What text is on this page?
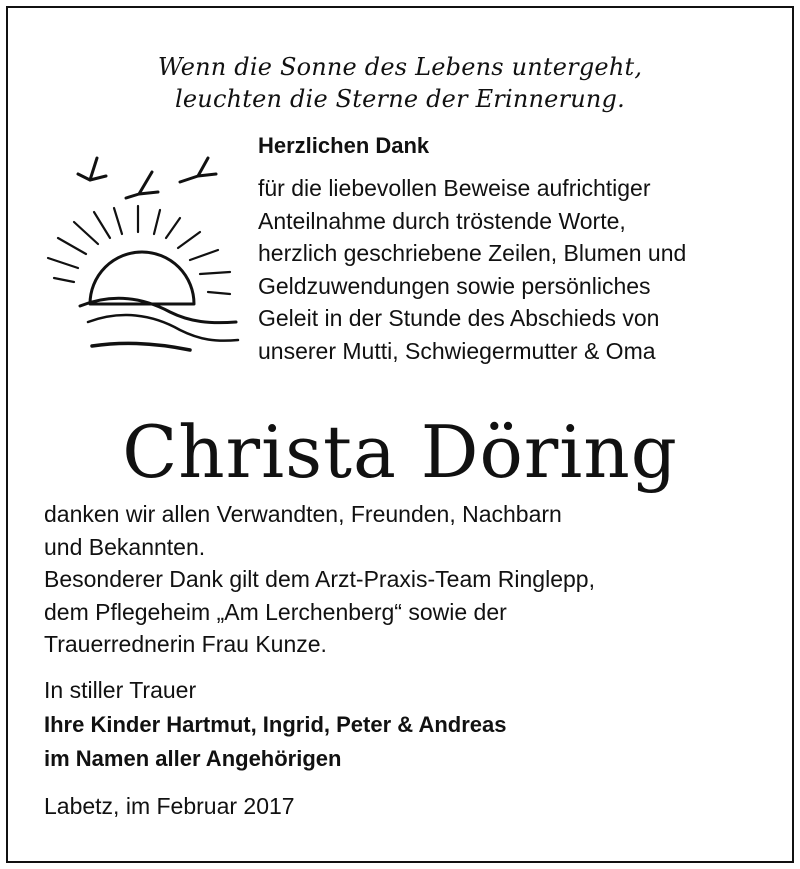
Wenn die Sonne des Lebens untergeht,
leuchten die Sterne der Erinnerung.
Herzlichen Dank
für die liebevollen Beweise aufrichtiger
Anteilnahme durch tröstende Worte,
herzlich geschriebene Zeilen, Blumen und
Geldzuwendungen sowie persönliches
Geleit in der Stunde des Abschieds von
unserer Mutti, Schwiegermutter & Oma
Christa Döring
danken wir allen Verwandten, Freunden, Nachbarn
und Bekannten.
Besonderer Dank gilt dem Arzt-Praxis-Team Ringlepp,
dem Pflegeheim „Am Lerchenberg“ sowie der
Trauerrednerin Frau Kunze.
In stiller Trauer
Ihre Kinder Hartmut, Ingrid, Peter & Andreas
im Namen aller Angehörigen
Labetz, im Februar 2017
